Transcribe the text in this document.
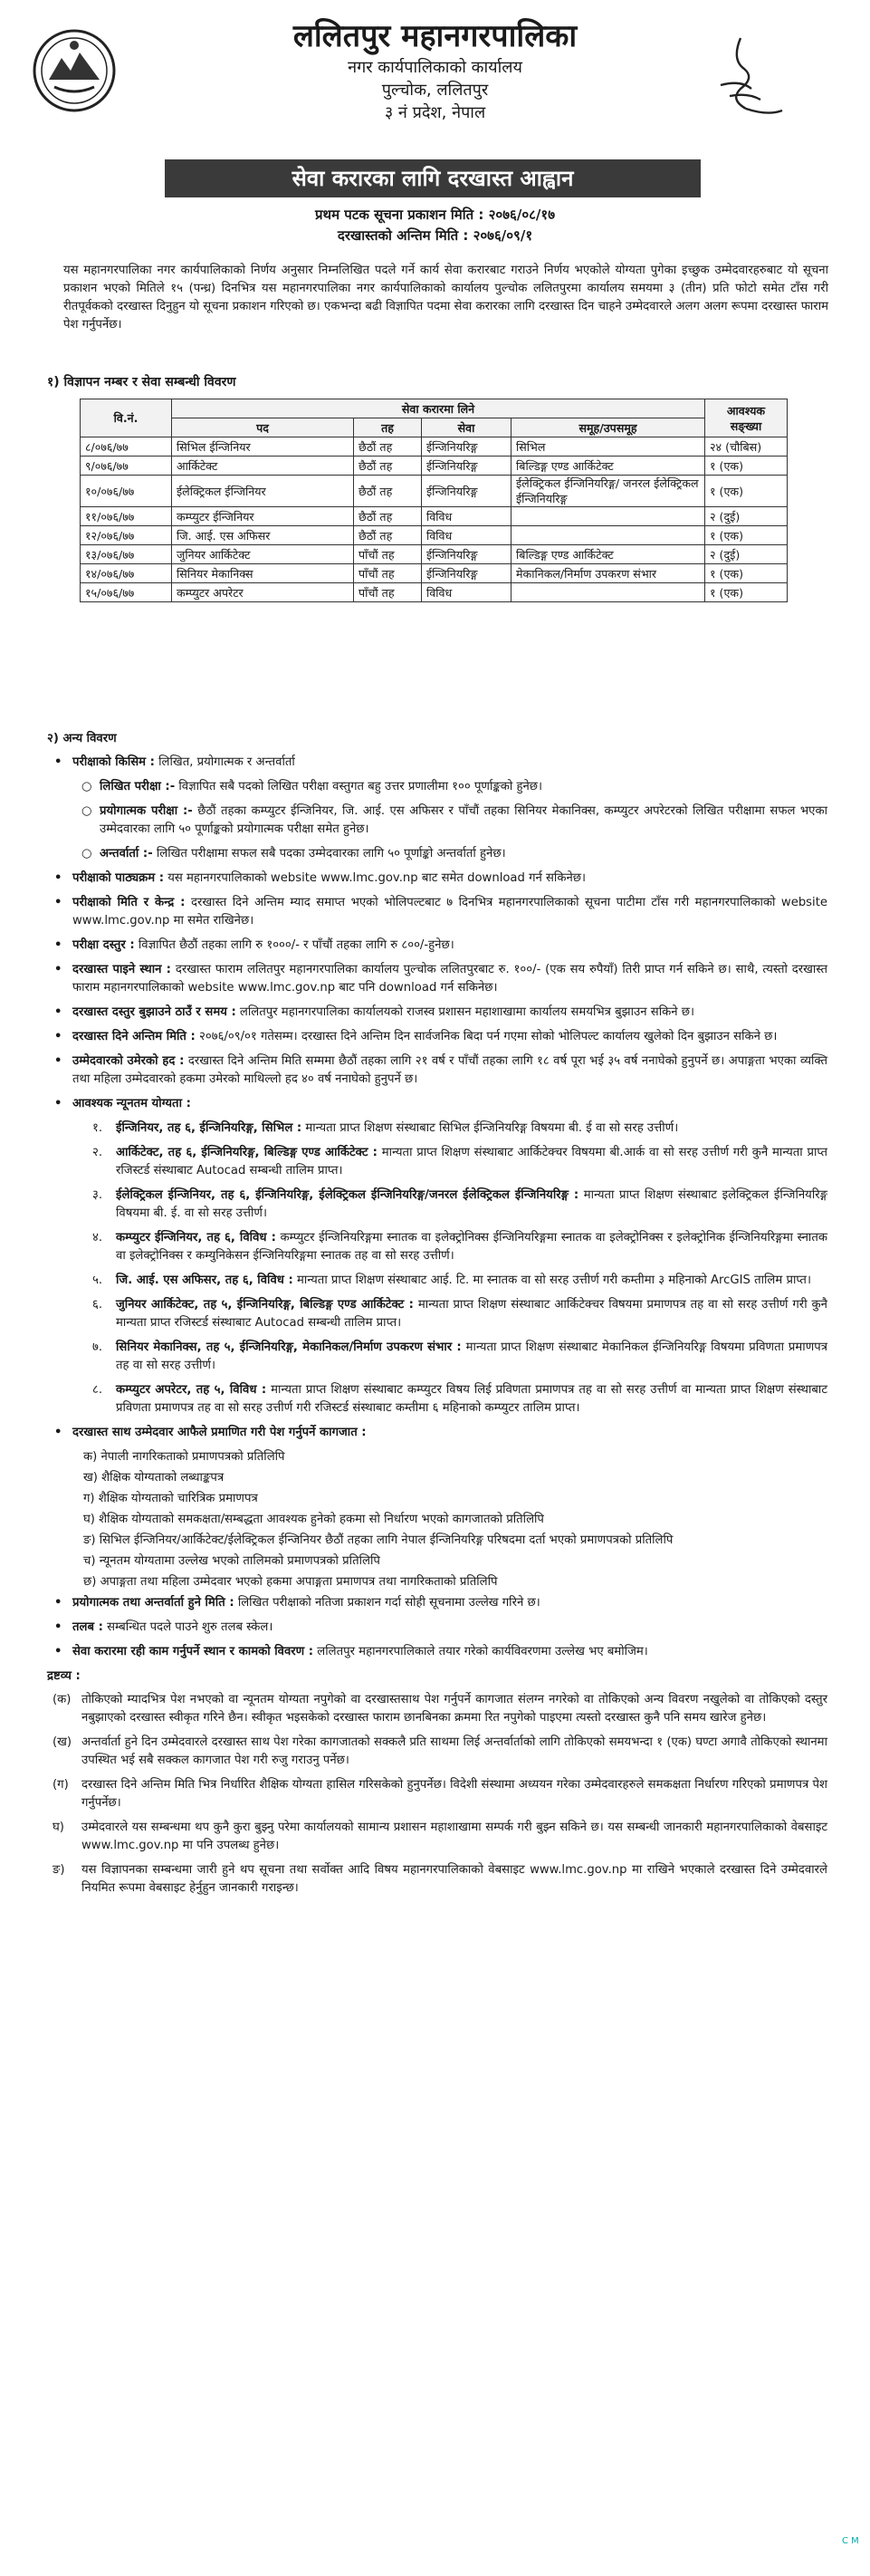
ललितपुर महानगरपालिका
नगर कार्यपालिकाको कार्यालय
पुल्चोक, ललितपुर
३ नं प्रदेश, नेपाल
सेवा करारका लागि दरखास्त आह्वान
प्रथम पटक सूचना प्रकाशन मिति : २०७६/०८/१७
दरखास्तको अन्तिम मिति : २०७६/०९/१

यस महानगरपालिका नगर कार्यपालिकाको निर्णय अनुसार निम्नलिखित पदले गर्ने कार्य सेवा करारबाट गराउने निर्णय भएकोले योग्यता पुगेका इच्छुक उम्मेदवारहरुबाट यो सूचना प्रकाशन भएको मितिले १५ (पन्ध्र) दिनभित्र यस महानगरपालिका नगर कार्यपालिकाको कार्यालय पुल्चोक ललितपुरमा कार्यालय समयमा ३ (तीन) प्रति फोटो समेत टाँस गरी रीतपूर्वकको दरखास्त दिनुहुन यो सूचना प्रकाशन गरिएको छ। एकभन्दा बढी विज्ञापित पदमा सेवा करारका लागि दरखास्त दिन चाहने उम्मेदवारले अलग अलग रूपमा दरखास्त फाराम पेश गर्नुपर्नेछ।

१) विज्ञापन नम्बर र सेवा सम्बन्धी विवरण
वि.नं.	सेवा करारमा लिने				आवश्यक सङ्ख्या
	पद	तह	सेवा	समूह/उपसमूह	
८/०७६/७७	सिभिल ईन्जिनियर	छैठौं तह	ईन्जिनियरिङ्ग	सिभिल	२४ (चौबिस)
९/०७६/७७	आर्किटेक्ट	छैठौं तह	ईन्जिनियरिङ्ग	बिल्डिङ्ग एण्ड आर्किटेक्ट	१ (एक)
१०/०७६/७७	ईलेक्ट्रिकल ईन्जिनियर	छैठौं तह	ईन्जिनियरिङ्ग	ईलेक्ट्रिकल ईन्जिनियरिङ्ग/ जनरल ईलेक्ट्रिकल ईन्जिनियरिङ्ग	१ (एक)
११/०७६/७७	कम्प्युटर ईन्जिनियर	छैठौं तह	विविध		२ (दुई)
१२/०७६/७७	जि. आई. एस अफिसर	छैठौं तह	विविध		१ (एक)
१३/०७६/७७	जुनियर आर्किटेक्ट	पाँचौं तह	ईन्जिनियरिङ्ग	बिल्डिङ्ग एण्ड आर्किटेक्ट	२ (दुई)
१४/०७६/७७	सिनियर मेकानिक्स	पाँचौं तह	ईन्जिनियरिङ्ग	मेकानिकल/निर्माण उपकरण संभार	१ (एक)
१५/०७६/७७	कम्प्युटर अपरेटर	पाँचौं तह	विविध		१ (एक)

२) अन्य विवरण

• परीक्षाको किसिम : लिखित, प्रयोगात्मक र अन्तर्वार्ता
○ लिखित परीक्षा :- विज्ञापित सबै पदको लिखित परीक्षा वस्तुगत बहु उत्तर प्रणालीमा १०० पूर्णाङ्कको हुनेछ।
○ प्रयोगात्मक परीक्षा :- छैठौं तहका कम्प्युटर ईन्जिनियर, जि. आई. एस अफिसर र पाँचौं तहका सिनियर मेकानिक्स, कम्प्युटर अपरेटरको लिखित परीक्षामा सफल भएका उम्मेदवारका लागि ५० पूर्णाङ्कको प्रयोगात्मक परीक्षा समेत हुनेछ।
○ अन्तर्वार्ता :- लिखित परीक्षामा सफल सबै पदका उम्मेदवारका लागि ५० पूर्णाङ्को अन्तर्वार्ता हुनेछ।
• परीक्षाको पाठ्यक्रम : यस महानगरपालिकाको website www.lmc.gov.np बाट समेत download गर्न सकिनेछ।
• परीक्षाको मिति र केन्द्र : दरखास्त दिने अन्तिम म्याद समाप्त भएको भोलिपल्टबाट ७ दिनभित्र महानगरपालिकाको सूचना पाटीमा टाँस गरी महानगरपालिकाको website www.lmc.gov.np मा समेत राखिनेछ।
• परीक्षा दस्तुर : विज्ञापित छैठौं तहका लागि रु १०००/- र पाँचौं तहका लागि रु ८००/-हुनेछ।
• दरखास्त पाइने स्थान : दरखास्त फाराम ललितपुर महानगरपालिका कार्यालय पुल्चोक ललितपुरबाट रु. १००/- (एक सय रुपैयाँ) तिरी प्राप्त गर्न सकिने छ। साथै, त्यस्तो दरखास्त फाराम महानगरपालिकाको website www.lmc.gov.np बाट पनि download गर्न सकिनेछ।
• दरखास्त दस्तुर बुझाउने ठाउँ र समय : ललितपुर महानगरपालिका कार्यालयको राजस्व प्रशासन महाशाखामा कार्यालय समयभित्र बुझाउन सकिने छ।
• दरखास्त दिने अन्तिम मिति : २०७६/०९/०१ गतेसम्म। दरखास्त दिने अन्तिम दिन सार्वजनिक बिदा पर्न गएमा सोको भोलिपल्ट कार्यालय खुलेको दिन बुझाउन सकिने छ।
• उम्मेदवारको उमेरको हद : दरखास्त दिने अन्तिम मिति सम्ममा छैठौं तहका लागि २१ वर्ष र पाँचौं तहका लागि १८ वर्ष पूरा भई ३५ वर्ष ननाघेको हुनुपर्ने छ। अपाङ्गता भएका व्यक्ति तथा महिला उम्मेदवारको हकमा उमेरको माथिल्लो हद ४० वर्ष ननाघेको हुनुपर्ने छ।
• आवश्यक न्यूनतम योग्यता :
१. ईन्जिनियर, तह ६, ईन्जिनियरिङ्ग, सिभिल : मान्यता प्राप्त शिक्षण संस्थाबाट सिभिल ईन्जिनियरिङ्ग विषयमा बी. ई वा सो सरह उत्तीर्ण।
२. आर्किटेक्ट, तह ६, ईन्जिनियरिङ्ग, बिल्डिङ्ग एण्ड आर्किटेक्ट : मान्यता प्राप्त शिक्षण संस्थाबाट आर्किटेक्चर विषयमा बी.आर्क वा सो सरह उत्तीर्ण गरी कुनै मान्यता प्राप्त रजिस्टर्ड संस्थाबाट Autocad सम्बन्धी तालिम प्राप्त।
३. ईलेक्ट्रिकल ईन्जिनियर, तह ६, ईन्जिनियरिङ्ग, ईलेक्ट्रिकल ईन्जिनियरिङ्ग/जनरल ईलेक्ट्रिकल ईन्जिनियरिङ्ग : मान्यता प्राप्त शिक्षण संस्थाबाट इलेक्ट्रिकल ईन्जिनियरिङ्ग विषयमा बी. ई. वा सो सरह उत्तीर्ण।
४. कम्प्युटर ईन्जिनियर, तह ६, विविध : कम्प्युटर ईन्जिनियरिङ्गमा स्नातक वा इलेक्ट्रोनिक्स ईन्जिनियरिङ्गमा स्नातक वा इलेक्ट्रोनिक्स र इलेक्ट्रोनिक ईन्जिनियरिङ्गमा स्नातक वा इलेक्ट्रोनिक्स र कम्युनिकेसन ईन्जिनियरिङ्गमा स्नातक तह वा सो सरह उत्तीर्ण।
५. जि. आई. एस अफिसर, तह ६, विविध : मान्यता प्राप्त शिक्षण संस्थाबाट आई. टि. मा स्नातक वा सो सरह उत्तीर्ण गरी कम्तीमा ३ महिनाको ArcGIS तालिम प्राप्त।
६. जुनियर आर्किटेक्ट, तह ५, ईन्जिनियरिङ्ग, बिल्डिङ्ग एण्ड आर्किटेक्ट : मान्यता प्राप्त शिक्षण संस्थाबाट आर्किटेक्चर विषयमा प्रमाणपत्र तह वा सो सरह उत्तीर्ण गरी कुनै मान्यता प्राप्त रजिस्टर्ड संस्थाबाट Autocad सम्बन्धी तालिम प्राप्त।
७. सिनियर मेकानिक्स, तह ५, ईन्जिनियरिङ्ग, मेकानिकल/निर्माण उपकरण संभार : मान्यता प्राप्त शिक्षण संस्थाबाट मेकानिकल ईन्जिनियरिङ्ग विषयमा प्रविणता प्रमाणपत्र तह वा सो सरह उत्तीर्ण।
८. कम्प्युटर अपरेटर, तह ५, विविध : मान्यता प्राप्त शिक्षण संस्थाबाट कम्प्युटर विषय लिई प्रविणता प्रमाणपत्र तह वा सो सरह उत्तीर्ण वा मान्यता प्राप्त शिक्षण संस्थाबाट प्रविणता प्रमाणपत्र तह वा सो सरह उत्तीर्ण गरी रजिस्टर्ड संस्थाबाट कम्तीमा ६ महिनाको कम्प्युटर तालिम प्राप्त।
• दरखास्त साथ उम्मेदवार आफैले प्रमाणित गरी पेश गर्नुपर्ने कागजात :
क) नेपाली नागरिकताको प्रमाणपत्रको प्रतिलिपि
ख) शैक्षिक योग्यताको लब्धाङ्कपत्र
ग) शैक्षिक योग्यताको चारित्रिक प्रमाणपत्र
घ) शैक्षिक योग्यताको समकक्षता/सम्बद्धता आवश्यक हुनेको हकमा सो निर्धारण भएको कागजातको प्रतिलिपि
ङ) सिभिल ईन्जिनियर/आर्किटेक्ट/ईलेक्ट्रिकल ईन्जिनियर छैठौं तहका लागि नेपाल ईन्जिनियरिङ्ग परिषदमा दर्ता भएको प्रमाणपत्रको प्रतिलिपि
च) न्यूनतम योग्यतामा उल्लेख भएको तालिमको प्रमाणपत्रको प्रतिलिपि
छ) अपाङ्गता तथा महिला उम्मेदवार भएको हकमा अपाङ्गता प्रमाणपत्र तथा नागरिकताको प्रतिलिपि
• प्रयोगात्मक तथा अन्तर्वार्ता हुने मिति : लिखित परीक्षाको नतिजा प्रकाशन गर्दा सोही सूचनामा उल्लेख गरिने छ।
• तलब : सम्बन्धित पदले पाउने शुरु तलब स्केल।
• सेवा करारमा रही काम गर्नुपर्ने स्थान र कामको विवरण : ललितपुर महानगरपालिकाले तयार गरेको कार्यविवरणमा उल्लेख भए बमोजिम।

द्रष्टव्य :

(क) तोकिएको म्यादभित्र पेश नभएको वा न्यूनतम योग्यता नपुगेको वा दरखास्तसाथ पेश गर्नुपर्ने कागजात संलग्न नगरेको वा तोकिएको अन्य विवरण नखुलेको वा तोकिएको दस्तुर नबुझाएको दरखास्त स्वीकृत गरिने छैन। स्वीकृत भइसकेको दरखास्त फाराम छानबिनका क्रममा रित नपुगेको पाइएमा त्यस्तो दरखास्त कुनै पनि समय खारेज हुनेछ।
(ख) अन्तर्वार्ता हुने दिन उम्मेदवारले दरखास्त साथ पेश गरेका कागजातको सक्कलै प्रति साथमा लिई अन्तर्वार्ताको लागि तोकिएको समयभन्दा १ (एक) घण्टा अगावै तोकिएको स्थानमा उपस्थित भई सबै सक्कल कागजात पेश गरी रुजु गराउनु पर्नेछ।
(ग) दरखास्त दिने अन्तिम मिति भित्र निर्धारित शैक्षिक योग्यता हासिल गरिसकेको हुनुपर्नेछ। विदेशी संस्थामा अध्ययन गरेका उम्मेदवारहरुले समकक्षता निर्धारण गरिएको प्रमाणपत्र पेश गर्नुपर्नेछ।
घ) उम्मेदवारले यस सम्बन्धमा थप कुनै कुरा बुझ्नु परेमा कार्यालयको सामान्य प्रशासन महाशाखामा सम्पर्क गरी बुझ्न सकिने छ। यस सम्बन्धी जानकारी महानगरपालिकाको वेबसाइट www.lmc.gov.np मा पनि उपलब्ध हुनेछ।
ङ) यस विज्ञापनका सम्बन्धमा जारी हुने थप सूचना तथा सर्वोक्त आदि विषय महानगरपालिकाको वेबसाइट www.lmc.gov.np मा राखिने भएकाले दरखास्त दिने उम्मेदवारले नियमित रूपमा वेबसाइट हेर्नुहुन जानकारी गराइन्छ।
C M
